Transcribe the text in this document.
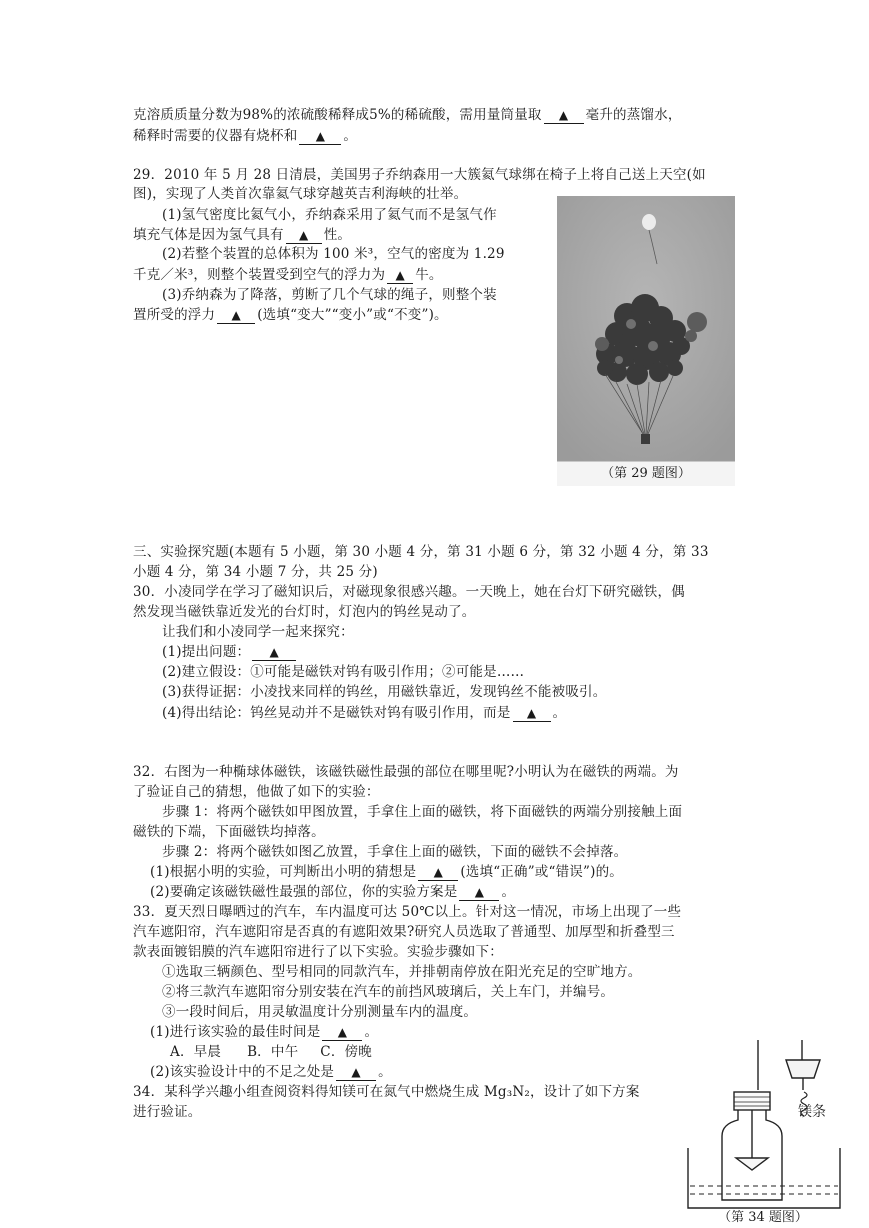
克溶质质量分数为98%的浓硫酸稀释成5%的稀硫酸，需用量筒量取 ▲ 毫升的蒸馏水，
稀释时需要的仪器有烧杯和 ▲ 。
29．2010 年 5 月 28 日清晨，美国男子乔纳森用一大簇氦气球绑在椅子上将自己送上天空(如
图)，实现了人类首次靠氦气球穿越英吉利海峡的壮举。
(1)氢气密度比氦气小，乔纳森采用了氦气而不是氢气作
填充气体是因为氢气具有 ▲ 性。
(2)若整个装置的总体积为 100 米³，空气的密度为 1.29
千克／米³，则整个装置受到空气的浮力为 ▲ 牛。
(3)乔纳森为了降落，剪断了几个气球的绳子，则整个装
置所受的浮力 ▲ (选填“变大”“变小”或“不变”)。
（第 29 题图）
三、实验探究题(本题有 5 小题，第 30 小题 4 分，第 31 小题 6 分，第 32 小题 4 分，第 33
小题 4 分，第 34 小题 7 分，共 25 分)
30．小凌同学在学习了磁知识后，对磁现象很感兴趣。一天晚上，她在台灯下研究磁铁，偶
然发现当磁铁靠近发光的台灯时，灯泡内的钨丝晃动了。
让我们和小凌同学一起来探究：
(1)提出问题： ▲
(2)建立假设：①可能是磁铁对钨有吸引作用；②可能是……
(3)获得证据：小凌找来同样的钨丝，用磁铁靠近，发现钨丝不能被吸引。
(4)得出结论：钨丝晃动并不是磁铁对钨有吸引作用，而是 ▲ 。
32．右图为一种椭球体磁铁，该磁铁磁性最强的部位在哪里呢?小明认为在磁铁的两端。为
了验证自己的猜想，他做了如下的实验：
步骤 1：将两个磁铁如甲图放置，手拿住上面的磁铁，将下面磁铁的两端分别接触上面
磁铁的下端，下面磁铁均掉落。
步骤 2：将两个磁铁如图乙放置，手拿住上面的磁铁，下面的磁铁不会掉落。
(1)根据小明的实验，可判断出小明的猜想是 ▲ (选填“正确”或“错误”)的。
(2)要确定该磁铁磁性最强的部位，你的实验方案是 ▲ 。
33．夏天烈日曝晒过的汽车，车内温度可达 50℃以上。针对这一情况，市场上出现了一些
汽车遮阳帘，汽车遮阳帘是否真的有遮阳效果?研究人员选取了普通型、加厚型和折叠型三
款表面镀铝膜的汽车遮阳帘进行了以下实验。实验步骤如下：
①选取三辆颜色、型号相同的同款汽车，并排朝南停放在阳光充足的空旷地方。
②将三款汽车遮阳帘分别安装在汽车的前挡风玻璃后，关上车门，并编号。
③一段时间后，用灵敏温度计分别测量车内的温度。
(1)进行该实验的最佳时间是 ▲ 。
A．早晨 B．中午 C．傍晚
(2)该实验设计中的不足之处是 ▲ 。
34．某科学兴趣小组查阅资料得知镁可在氮气中燃烧生成 Mg₃N₂，设计了如下方案
进行验证。	镁条
（第 34 题图）
